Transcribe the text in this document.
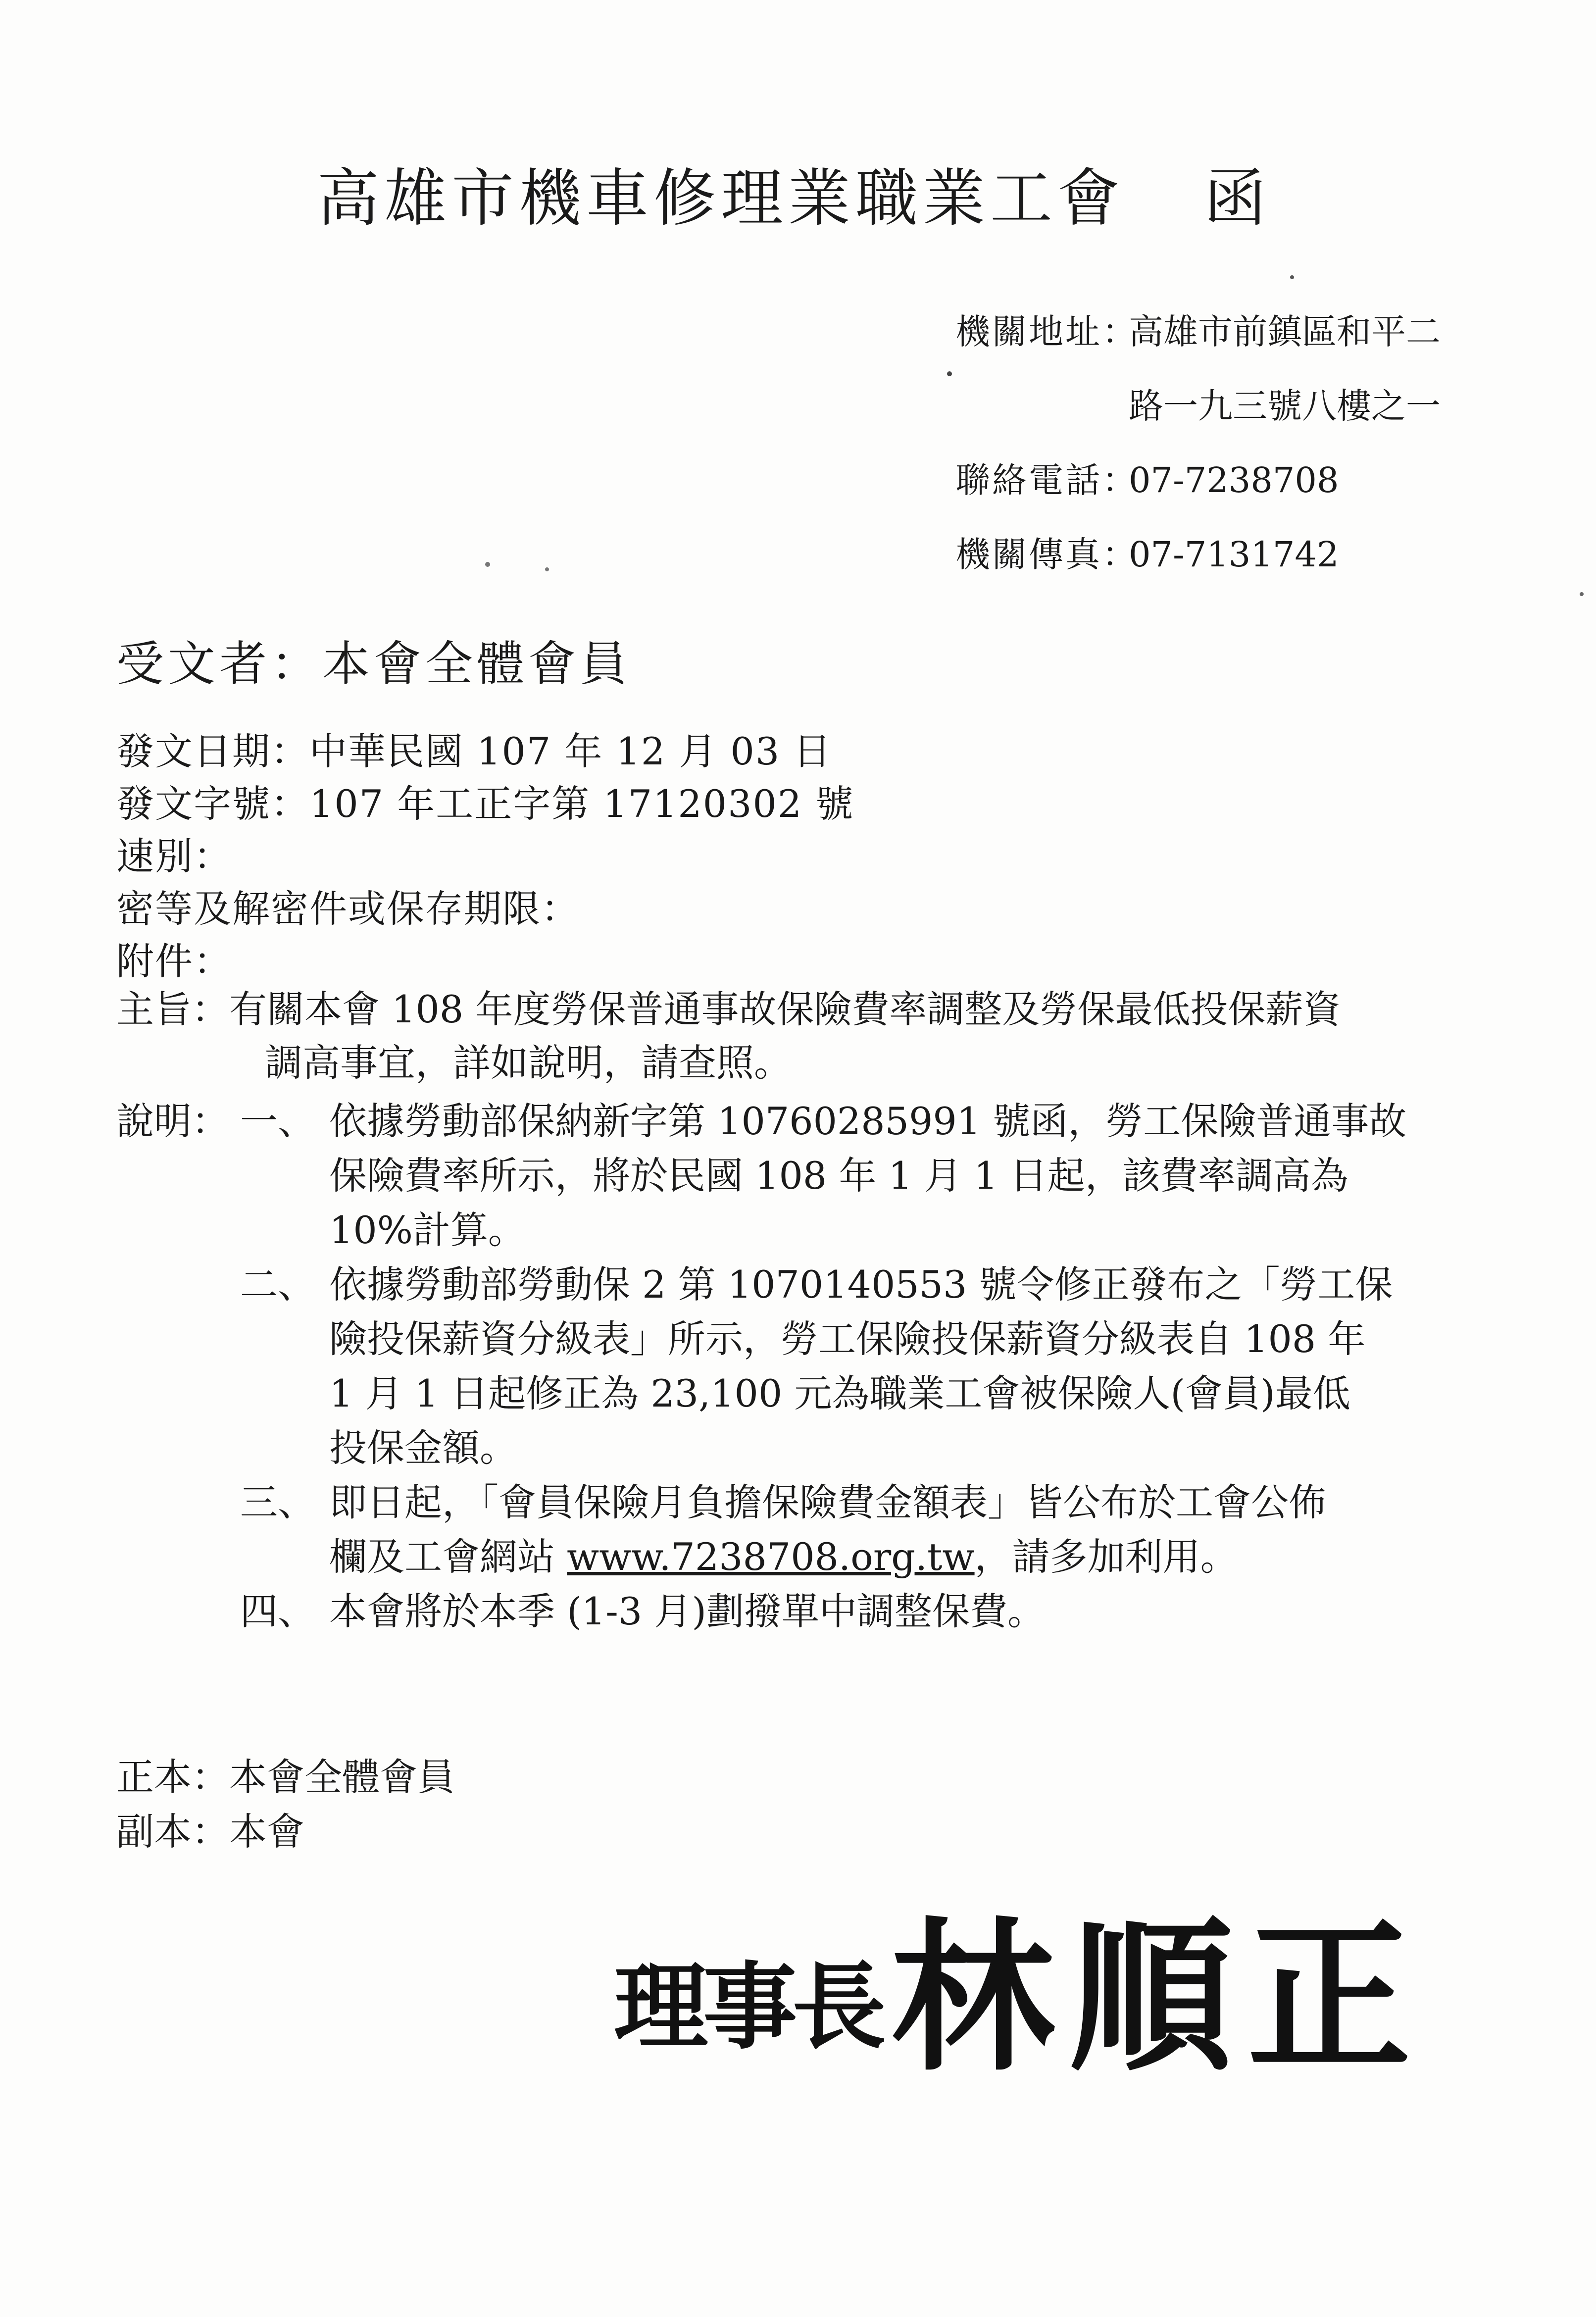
高雄市機車修理業職業工會 函
機關地址：
高雄市前鎮區和平二
路一九三號八樓之一
聯絡電話：
07-7238708
機關傳真：
07-7131742
受文者：本會全體會員
發文日期：中華民國 107 年 12 月 03 日
發文字號：107 年工正字第 17120302 號
速別：
密等及解密件或保存期限：
附件：
主旨：有關本會 108 年度勞保普通事故保險費率調整及勞保最低投保薪資
調高事宜，詳如說明，請查照。
說明： 一、 依據勞動部保納新字第 10760285991 號函，勞工保險普通事故
保險費率所示，將於民國 108 年 1 月 1 日起，該費率調高為
10%計算。
二、 依據勞動部勞動保 2 第 1070140553 號令修正發布之「勞工保
險投保薪資分級表」所示，勞工保險投保薪資分級表自 108 年
1 月 1 日起修正為 23,100 元為職業工會被保險人(會員)最低
投保金額。
三、 即日起，「會員保險月負擔保險費金額表」皆公布於工會公佈
欄及工會網站 www.7238708.org.tw，請多加利用。
四、 本會將於本季 (1-3 月)劃撥單中調整保費。
正本：本會全體會員
副本：本會
理事長 林順正
